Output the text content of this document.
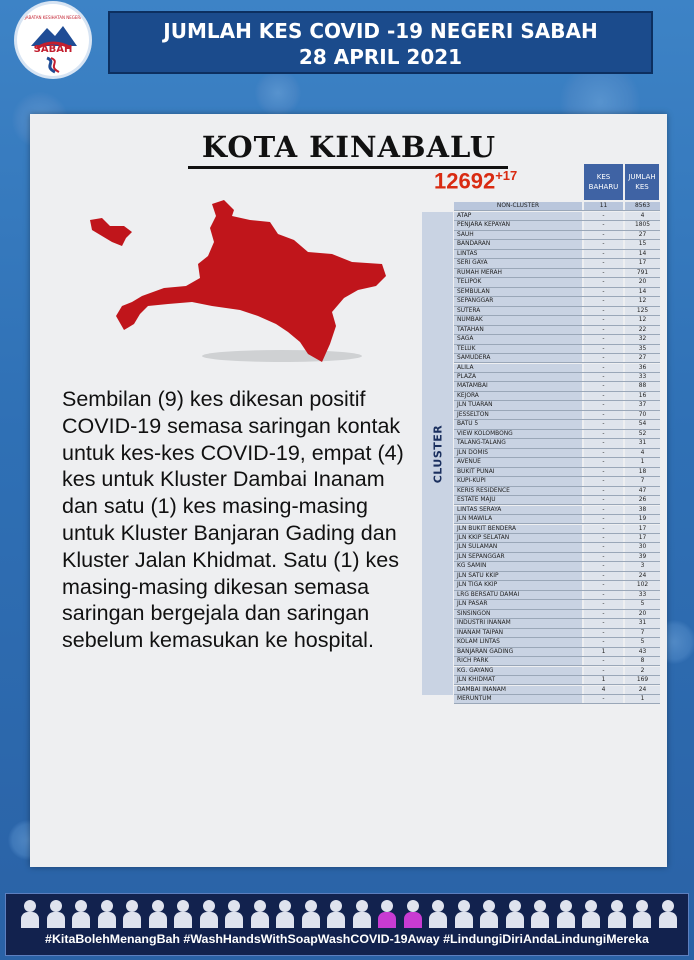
JABATAN KESIHATAN NEGERI
SABAH
JUMLAH KES COVID -19 NEGERI SABAH
28 APRIL 2021
KOTA KINABALU
Sembilan (9) kes dikesan positif COVID-19 semasa saringan kontak untuk kes-kes COVID-19, empat (4) kes untuk Kluster Dambai Inanam dan satu (1) kes masing-masing untuk Kluster Banjaran Gading dan Kluster Jalan Khidmat. Satu (1) kes masing-masing dikesan semasa saringan bergejala dan saringan sebelum kemasukan ke hospital.
$12692^{+17}$	KES BAHARU
JUMLAH KES
NON-CLUSTER	11	8563
CLUSTER
ATAP	-	4
PENJARA KEPAYAN	-	1805
SAUH	-	27
BANDARAN	-	15
LINTAS	-	14
SERI GAYA	-	17
RUMAH MERAH	-	791
TELIPOK	-	20
SEMBULAN	-	14
SEPANGGAR	-	12
SUTERA	-	125
NUMBAK	-	12
TATAHAN	-	22
SAGA	-	32
TELUK	-	35
SAMUDERA	-	27
ALILA	-	36
PLAZA	-	33
MATAMBAI	-	88
KEJORA	-	16
JLN TUARAN	-	37
JESSELTON	-	70
BATU 5	-	54
VIEW KOLOMBONG	-	52
TALANG-TALANG	-	31
JLN DOMIS	-	4
AVENUE	-	1
BUKIT PUNAI	-	18
KUPI-KUPI	-	7
KERIS RESIDENCE	-	47
ESTATE MAJU	-	26
LINTAS SERAYA	-	38
JLN MAWILA	-	19
JLN BUKIT BENDERA	-	17
JLN KKIP SELATAN	-	17
JLN SULAMAN	-	30
JLN SEPANGGAR	-	39
KG SAMIN	-	3
JLN SATU KKIP	-	24
JLN TIGA KKIP	-	102
LRG BERSATU DAMAI	-	33
JLN PASAR	-	5
SINSINGON	-	20
INDUSTRI INANAM	-	31
INANAM TAIPAN	-	7
KOLAM LINTAS	-	5
BANJARAN GADING	1	43
RICH PARK	-	8
KG. GAYANG	-	2
JLN KHIDMAT	1	169
DAMBAI INANAM	4	24
MERUNTUM	-	1
#KitaBolehMenangBah #WashHandsWithSoapWashCOVID-19Away #LindungiDiriAndaLindungiMereka
